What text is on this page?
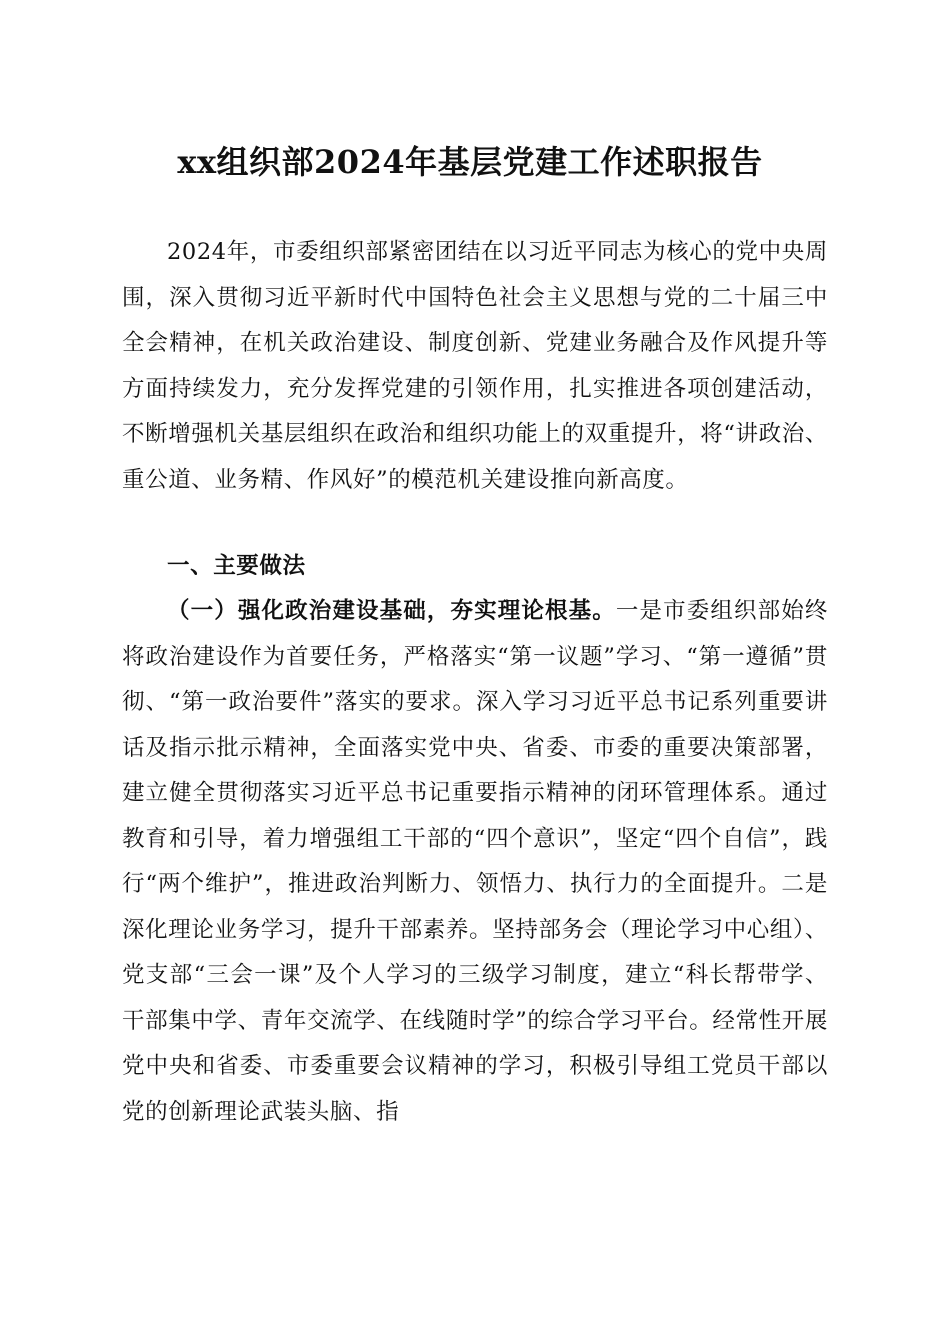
xx组织部2024年基层党建工作述职报告

2024年，市委组织部紧密团结在以习近平同志为核心的党中央周围，深入贯彻习近平新时代中国特色社会主义思想与党的二十届三中全会精神，在机关政治建设、制度创新、党建业务融合及作风提升等方面持续发力，充分发挥党建的引领作用，扎实推进各项创建活动，不断增强机关基层组织在政治和组织功能上的双重提升，将“讲政治、重公道、业务精、作风好”的模范机关建设推向新高度。

一、主要做法

（一）强化政治建设基础，夯实理论根基。一是市委组织部始终将政治建设作为首要任务，严格落实“第一议题”学习、“第一遵循”贯彻、“第一政治要件”落实的要求。深入学习习近平总书记系列重要讲话及指示批示精神，全面落实党中央、省委、市委的重要决策部署，建立健全贯彻落实习近平总书记重要指示精神的闭环管理体系。通过教育和引导，着力增强组工干部的“四个意识”，坚定“四个自信”，践行“两个维护”，推进政治判断力、领悟力、执行力的全面提升。二是深化理论业务学习，提升干部素养。坚持部务会（理论学习中心组）、党支部“三会一课”及个人学习的三级学习制度，建立“科长帮带学、干部集中学、青年交流学、在线随时学”的综合学习平台。经常性开展党中央和省委、市委重要会议精神的学习，积极引导组工党员干部以党的创新理论武装头脑、指
